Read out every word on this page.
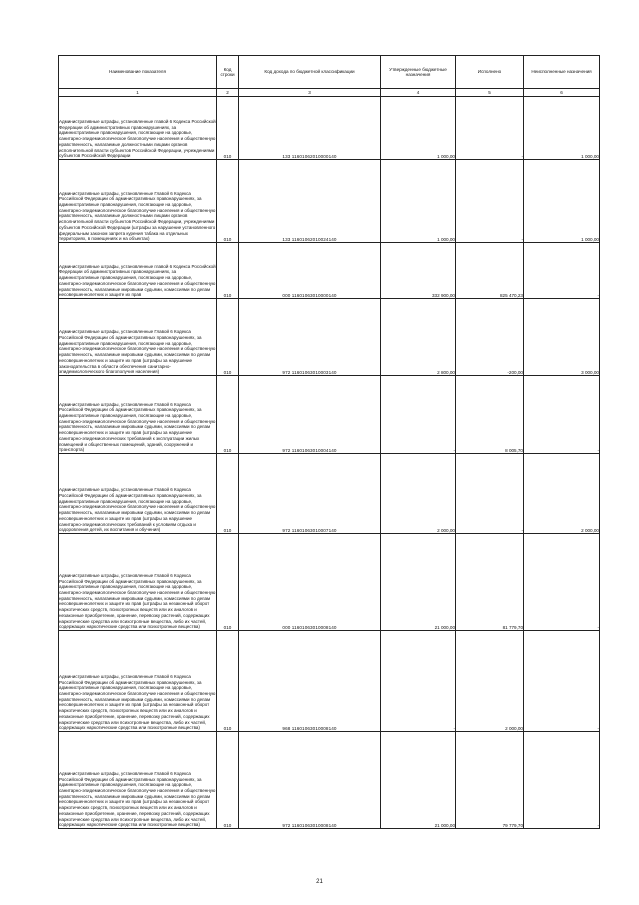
Наименование показателя	Код строки	Код дохода по бюджетной классификации	Утвержденные бюджетные назначения	Исполнено	Неисполненные назначения
1	2	3	4	5	6
Административные штрафы, установленные главой 6 Кодекса Российской Федерации об административных правонарушениях, за административные правонарушения, посягающие на здоровье, санитарно-эпидемиологическое благополучие населения и общественную нравственность, налагаемые должностными лицами органов исполнительной власти субъектов Российской Федерации, учреждениями субъектов Российской Федерации	010	133 11601062010000140	1 000,00	-	1 000,00
Административные штрафы, установленные Главой 6 Кодекса Российской Федерации об административных правонарушениях, за административные правонарушения, посягающие на здоровье, санитарно-эпидемиологическое благополучие населения и общественную нравственность, налагаемые должностными лицами органов исполнительной власти субъектов Российской Федерации, учреждениями субъектов Российской Федерации (штрафы за нарушение установленного федеральным законом запрета курения табака на отдельных территориях, в помещениях и на объектах)	010	133 11601062010024140	1 000,00	-	1 000,00
Административные штрафы, установленные главой 6 Кодекса Российской Федерации об административных правонарушениях, за административные правонарушения, посягающие на здоровье, санитарно-эпидемиологическое благополучие населения и общественную нравственность, налагаемые мировыми судьями, комиссиями по делам несовершеннолетних и защите их прав	010	000 11601063010000140	332 900,00	825 470,23	-
Административные штрафы, установленные Главой 6 Кодекса Российской Федерации об административных правонарушениях, за административные правонарушения, посягающие на здоровье, санитарно-эпидемиологическое благополучие населения и общественную нравственность, налагаемые мировыми судьями, комиссиями по делам несовершеннолетних и защите их прав (штрафы за нарушение законодательства в области обеспечения санитарно-эпидемиологического благополучия населения)	010	972 11601063010003140	2 800,00	-200,00	3 000,00
Административные штрафы, установленные Главой 6 Кодекса Российской Федерации об административных правонарушениях, за административные правонарушения, посягающие на здоровье, санитарно-эпидемиологическое благополучие населения и общественную нравственность, налагаемые мировыми судьями, комиссиями по делам несовершеннолетних и защите их прав (штрафы за нарушение санитарно-эпидемиологических требований к эксплуатации жилых помещений и общественных помещений, зданий, сооружений и транспорта)	010	972 11601063010004140	-	8 005,70	-
Административные штрафы, установленные Главой 6 Кодекса Российской Федерации об административных правонарушениях, за административные правонарушения, посягающие на здоровье, санитарно-эпидемиологическое благополучие населения и общественную нравственность, налагаемые мировыми судьями, комиссиями по делам несовершеннолетних и защите их прав (штрафы за нарушение санитарно-эпидемиологических требований к условиям отдыха и оздоровления детей, их воспитания и обучения)	010	972 11601063010007140	2 000,00	-	2 000,00
Административные штрафы, установленные Главой 6 Кодекса Российской Федерации об административных правонарушениях, за административные правонарушения, посягающие на здоровье, санитарно-эпидемиологическое благополучие населения и общественную нравственность, налагаемые мировыми судьями, комиссиями по делам несовершеннолетних и защите их прав (штрафы за незаконный оборот наркотических средств, психотропных веществ или их аналогов и незаконные приобретение, хранение, перевозку растений, содержащих наркотические средства или психотропные вещества, либо их частей, содержащих наркотические средства или психотропные вещества)	010	000 11601063010008140	21 000,00	81 779,70	-
Административные штрафы, установленные Главой 6 Кодекса Российской Федерации об административных правонарушениях, за административные правонарушения, посягающие на здоровье, санитарно-эпидемиологическое благополучие населения и общественную нравственность, налагаемые мировыми судьями, комиссиями по делам несовершеннолетних и защите их прав (штрафы за незаконный оборот наркотических средств, психотропных веществ или их аналогов и незаконные приобретение, хранение, перевозку растений, содержащих наркотические средства или психотропные вещества, либо их частей, содержащих наркотические средства или психотропные вещества)	010	968 11601063010008140	-	2 000,00	-
Административные штрафы, установленные Главой 6 Кодекса Российской Федерации об административных правонарушениях, за административные правонарушения, посягающие на здоровье, санитарно-эпидемиологическое благополучие населения и общественную нравственность, налагаемые мировыми судьями, комиссиями по делам несовершеннолетних и защите их прав (штрафы за незаконный оборот наркотических средств, психотропных веществ или их аналогов и незаконные приобретение, хранение, перевозку растений, содержащих наркотические средства или психотропные вещества, либо их частей, содержащих наркотические средства или психотропные вещества)	010	972 11601063010008140	21 000,00	79 779,70	-
21
